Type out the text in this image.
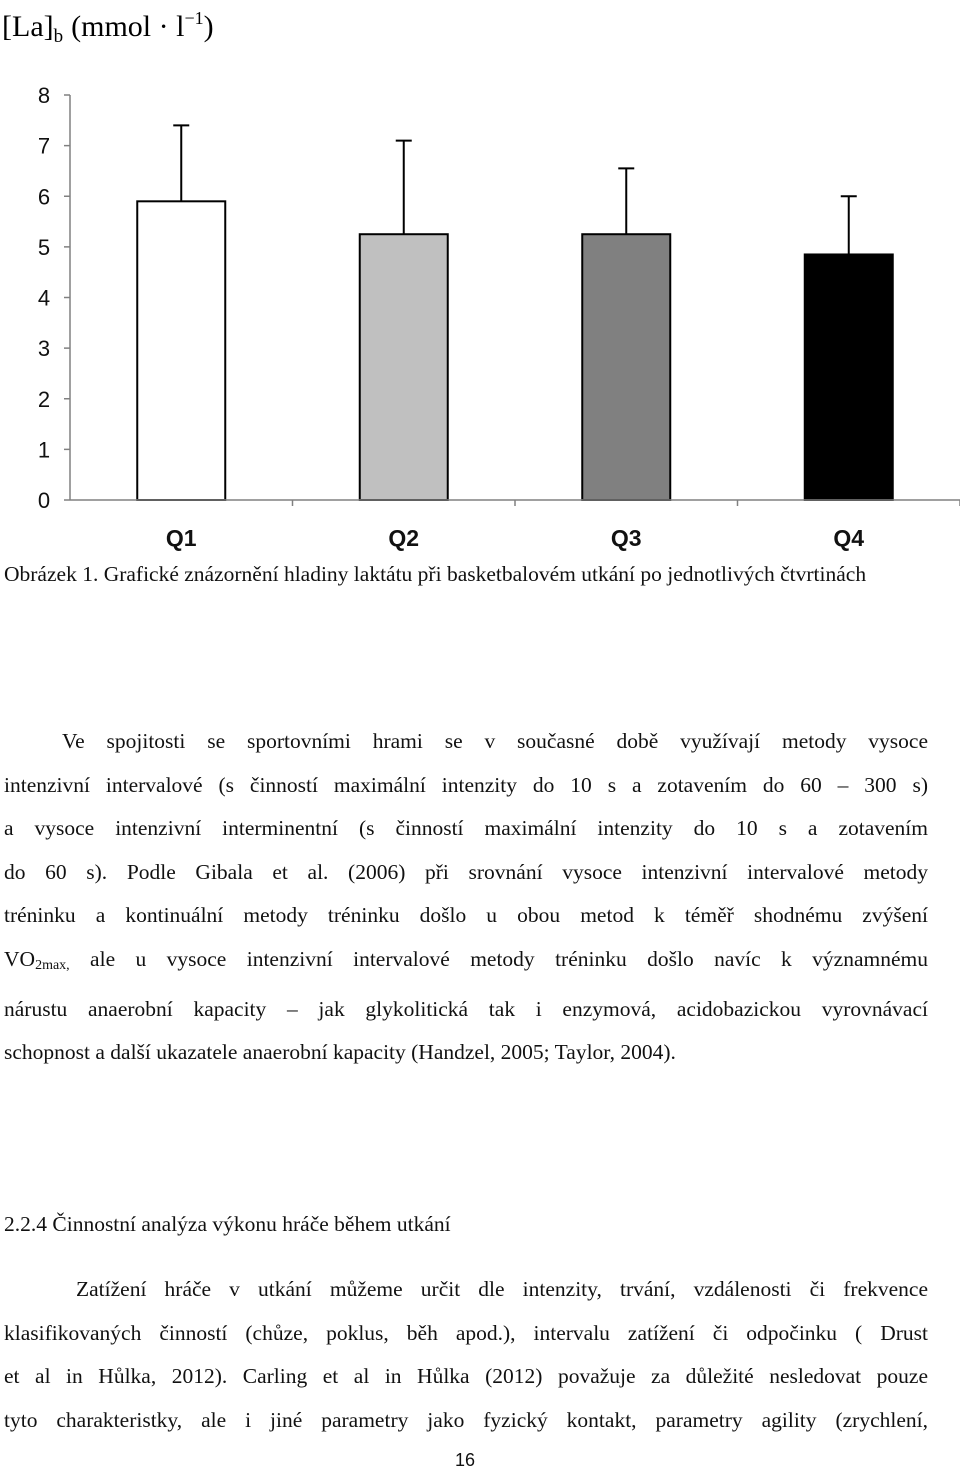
$[La]_b$ (mmol · $l^{-1}$)
0
1
2
3
4
5
6
7
8
Q1	Q2	Q3	Q4

Obrázek 1. Grafické znázornění hladiny laktátu při basketbalovém utkání po jednotlivých čtvrtinách

Ve spojitosti se sportovními hrami se v současné době využívají metody vysoce
intenzivní intervalové (s činností maximální intenzity do 10 s a zotavením do 60 – 300 s)
a vysoce intenzivní interminentní (s činností maximální intenzity do 10 s a zotavením
do 60 s). Podle Gibala et al. (2006) při srovnání vysoce intenzivní intervalové metody
tréninku a kontinuální metody tréninku došlo u obou metod k téměř shodnému zvýšení
$VO_{2max,}$ ale u vysoce intenzivní intervalové metody tréninku došlo navíc k významnému
nárustu anaerobní kapacity – jak glykolitická tak i enzymová, acidobazickou vyrovnávací
schopnost a další ukazatele anaerobní kapacity (Handzel, 2005; Taylor, 2004).

2.2.4 Činnostní analýza výkonu hráče během utkání

Zatížení hráče v utkání můžeme určit dle intenzity, trvání, vzdálenosti či frekvence
klasifikovaných činností (chůze, poklus, běh apod.), intervalu zatížení či odpočinku ( Drust
et al in Hůlka, 2012). Carling et al in Hůlka (2012) považuje za důležité nesledovat pouze
tyto charakteristky, ale i jiné parametry jako fyzický kontakt, parametry agility (zrychlení,
16
